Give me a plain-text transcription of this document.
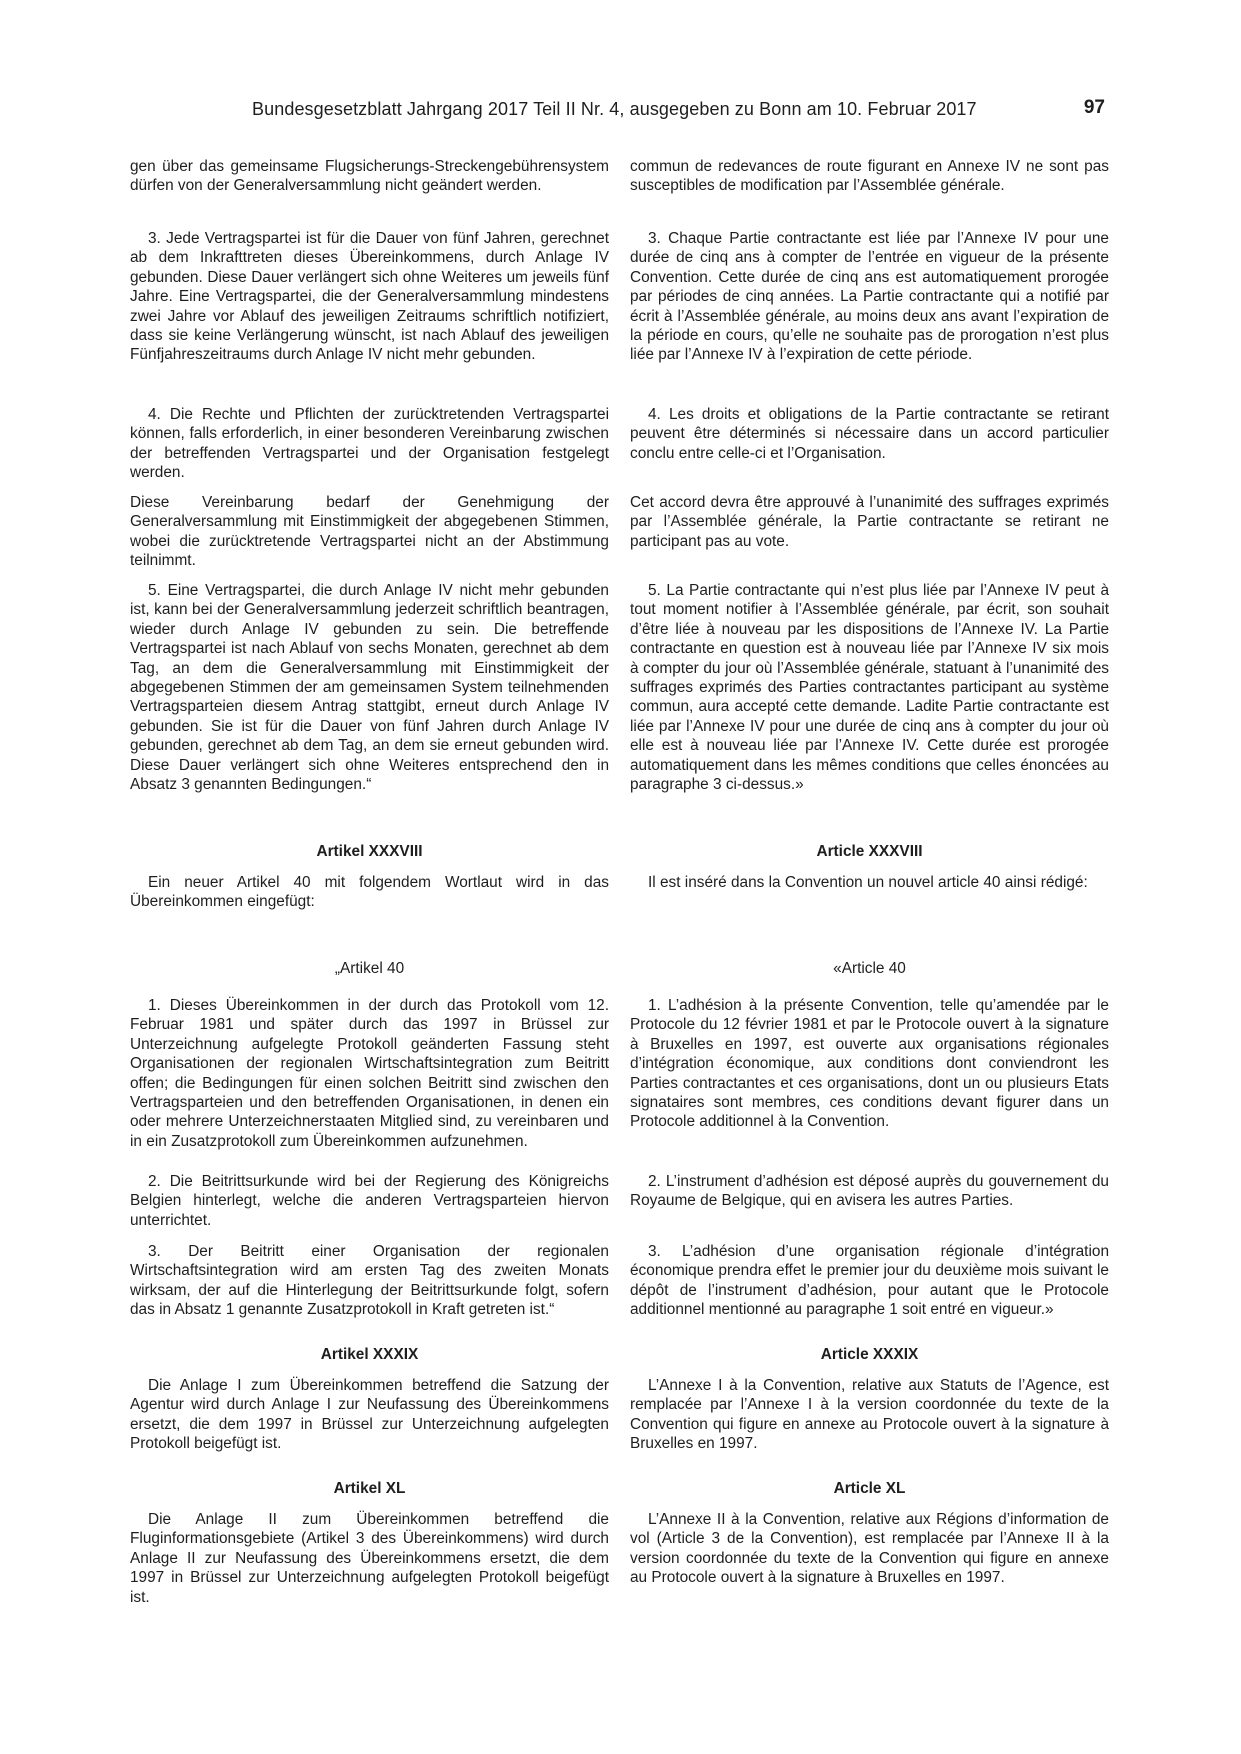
Bundesgesetzblatt Jahrgang 2017 Teil II Nr. 4, ausgegeben zu Bonn am 10. Februar 2017	97

gen über das gemeinsame Flugsicherungs-Streckengebührensystem dürfen von der Generalversammlung nicht geändert werden.

3. Jede Vertragspartei ist für die Dauer von fünf Jahren, gerechnet ab dem Inkrafttreten dieses Übereinkommens, durch Anlage IV gebunden. Diese Dauer verlängert sich ohne Weiteres um jeweils fünf Jahre. Eine Vertragspartei, die der Generalversammlung mindestens zwei Jahre vor Ablauf des jeweiligen Zeitraums schriftlich notifiziert, dass sie keine Verlängerung wünscht, ist nach Ablauf des jeweiligen Fünfjahreszeitraums durch Anlage IV nicht mehr gebunden.

4. Die Rechte und Pflichten der zurücktretenden Vertragspartei können, falls erforderlich, in einer besonderen Vereinbarung zwischen der betreffenden Vertragspartei und der Organisation festgelegt werden.

Diese Vereinbarung bedarf der Genehmigung der Generalversammlung mit Einstimmigkeit der abgegebenen Stimmen, wobei die zurücktretende Vertragspartei nicht an der Abstimmung teilnimmt.

5. Eine Vertragspartei, die durch Anlage IV nicht mehr gebunden ist, kann bei der Generalversammlung jederzeit schriftlich beantragen, wieder durch Anlage IV gebunden zu sein. Die betreffende Vertragspartei ist nach Ablauf von sechs Monaten, gerechnet ab dem Tag, an dem die Generalversammlung mit Einstimmigkeit der abgegebenen Stimmen der am gemeinsamen System teilnehmenden Vertragsparteien diesem Antrag stattgibt, erneut durch Anlage IV gebunden. Sie ist für die Dauer von fünf Jahren durch Anlage IV gebunden, gerechnet ab dem Tag, an dem sie erneut gebunden wird. Diese Dauer verlängert sich ohne Weiteres entsprechend den in Absatz 3 genannten Bedingungen.“

Artikel XXXVIII

Ein neuer Artikel 40 mit folgendem Wortlaut wird in das Übereinkommen eingefügt:

„Artikel 40

1. Dieses Übereinkommen in der durch das Protokoll vom 12. Februar 1981 und später durch das 1997 in Brüssel zur Unterzeichnung aufgelegte Protokoll geänderten Fassung steht Organisationen der regionalen Wirtschaftsintegration zum Beitritt offen; die Bedingungen für einen solchen Beitritt sind zwischen den Vertragsparteien und den betreffenden Organisationen, in denen ein oder mehrere Unterzeichnerstaaten Mitglied sind, zu vereinbaren und in ein Zusatzprotokoll zum Übereinkommen aufzunehmen.

2. Die Beitrittsurkunde wird bei der Regierung des Königreichs Belgien hinterlegt, welche die anderen Vertragsparteien hiervon unterrichtet.

3. Der Beitritt einer Organisation der regionalen Wirtschaftsintegration wird am ersten Tag des zweiten Monats wirksam, der auf die Hinterlegung der Beitrittsurkunde folgt, sofern das in Absatz 1 genannte Zusatzprotokoll in Kraft getreten ist.“

Artikel XXXIX

Die Anlage I zum Übereinkommen betreffend die Satzung der Agentur wird durch Anlage I zur Neufassung des Übereinkommens ersetzt, die dem 1997 in Brüssel zur Unterzeichnung aufgelegten Protokoll beigefügt ist.

Artikel XL

Die Anlage II zum Übereinkommen betreffend die Fluginformationsgebiete (Artikel 3 des Übereinkommens) wird durch Anlage II zur Neufassung des Übereinkommens ersetzt, die dem 1997 in Brüssel zur Unterzeichnung aufgelegten Protokoll beigefügt ist.

commun de redevances de route figurant en Annexe IV ne sont pas susceptibles de modification par l’Assemblée générale.

3. Chaque Partie contractante est liée par l’Annexe IV pour une durée de cinq ans à compter de l’entrée en vigueur de la présente Convention. Cette durée de cinq ans est automatiquement prorogée par périodes de cinq années. La Partie contractante qui a notifié par écrit à l’Assemblée générale, au moins deux ans avant l’expiration de la période en cours, qu’elle ne souhaite pas de prorogation n’est plus liée par l’Annexe IV à l’expiration de cette période.

4. Les droits et obligations de la Partie contractante se retirant peuvent être déterminés si nécessaire dans un accord particulier conclu entre celle-ci et l’Organisation.

Cet accord devra être approuvé à l’unanimité des suffrages exprimés par l’Assemblée générale, la Partie contractante se retirant ne participant pas au vote.

5. La Partie contractante qui n’est plus liée par l’Annexe IV peut à tout moment notifier à l’Assemblée générale, par écrit, son souhait d’être liée à nouveau par les dispositions de l’Annexe IV. La Partie contractante en question est à nouveau liée par l’Annexe IV six mois à compter du jour où l’Assemblée générale, statuant à l’unanimité des suffrages exprimés des Parties contractantes participant au système commun, aura accepté cette demande. Ladite Partie contractante est liée par l’Annexe IV pour une durée de cinq ans à compter du jour où elle est à nouveau liée par l’Annexe IV. Cette durée est prorogée automatiquement dans les mêmes conditions que celles énoncées au paragraphe 3 ci-dessus.»

Article XXXVIII

Il est inséré dans la Convention un nouvel article 40 ainsi rédigé:

«Article 40

1. L’adhésion à la présente Convention, telle qu’amendée par le Protocole du 12 février 1981 et par le Protocole ouvert à la signature à Bruxelles en 1997, est ouverte aux organisations régionales d’intégration économique, aux conditions dont conviendront les Parties contractantes et ces organisations, dont un ou plusieurs Etats signataires sont membres, ces conditions devant figurer dans un Protocole additionnel à la Convention.

2. L’instrument d’adhésion est déposé auprès du gouvernement du Royaume de Belgique, qui en avisera les autres Parties.

3. L’adhésion d’une organisation régionale d’intégration économique prendra effet le premier jour du deuxième mois suivant le dépôt de l’instrument d’adhésion, pour autant que le Protocole additionnel mentionné au paragraphe 1 soit entré en vigueur.»

Article XXXIX

L’Annexe I à la Convention, relative aux Statuts de l’Agence, est remplacée par l’Annexe I à la version coordonnée du texte de la Convention qui figure en annexe au Protocole ouvert à la signature à Bruxelles en 1997.

Article XL

L’Annexe II à la Convention, relative aux Régions d’information de vol (Article 3 de la Convention), est remplacée par l’Annexe II à la version coordonnée du texte de la Convention qui figure en annexe au Protocole ouvert à la signature à Bruxelles en 1997.
